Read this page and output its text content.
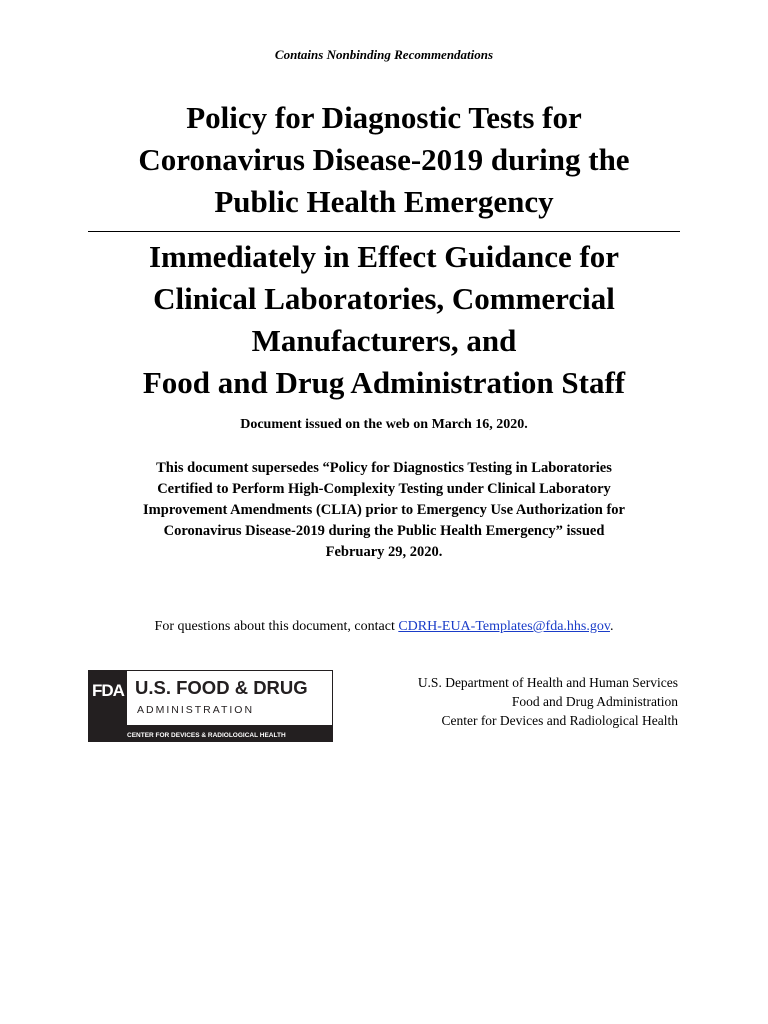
Contains Nonbinding Recommendations
Policy for Diagnostic Tests for
Coronavirus Disease-2019 during the
Public Health Emergency
Immediately in Effect Guidance for
Clinical Laboratories, Commercial
Manufacturers, and
Food and Drug Administration Staff
Document issued on the web on March 16, 2020.
This document supersedes “Policy for Diagnostics Testing in Laboratories
Certified to Perform High-Complexity Testing under Clinical Laboratory
Improvement Amendments (CLIA) prior to Emergency Use Authorization for
Coronavirus Disease-2019 during the Public Health Emergency” issued
February 29, 2020.
For questions about this document, contact CDRH-EUA-Templates@fda.hhs.gov.
FDA U.S. FOOD & DRUG
ADMINISTRATION
CENTER FOR DEVICES & RADIOLOGICAL HEALTH
U.S. Department of Health and Human Services
Food and Drug Administration
Center for Devices and Radiological Health
